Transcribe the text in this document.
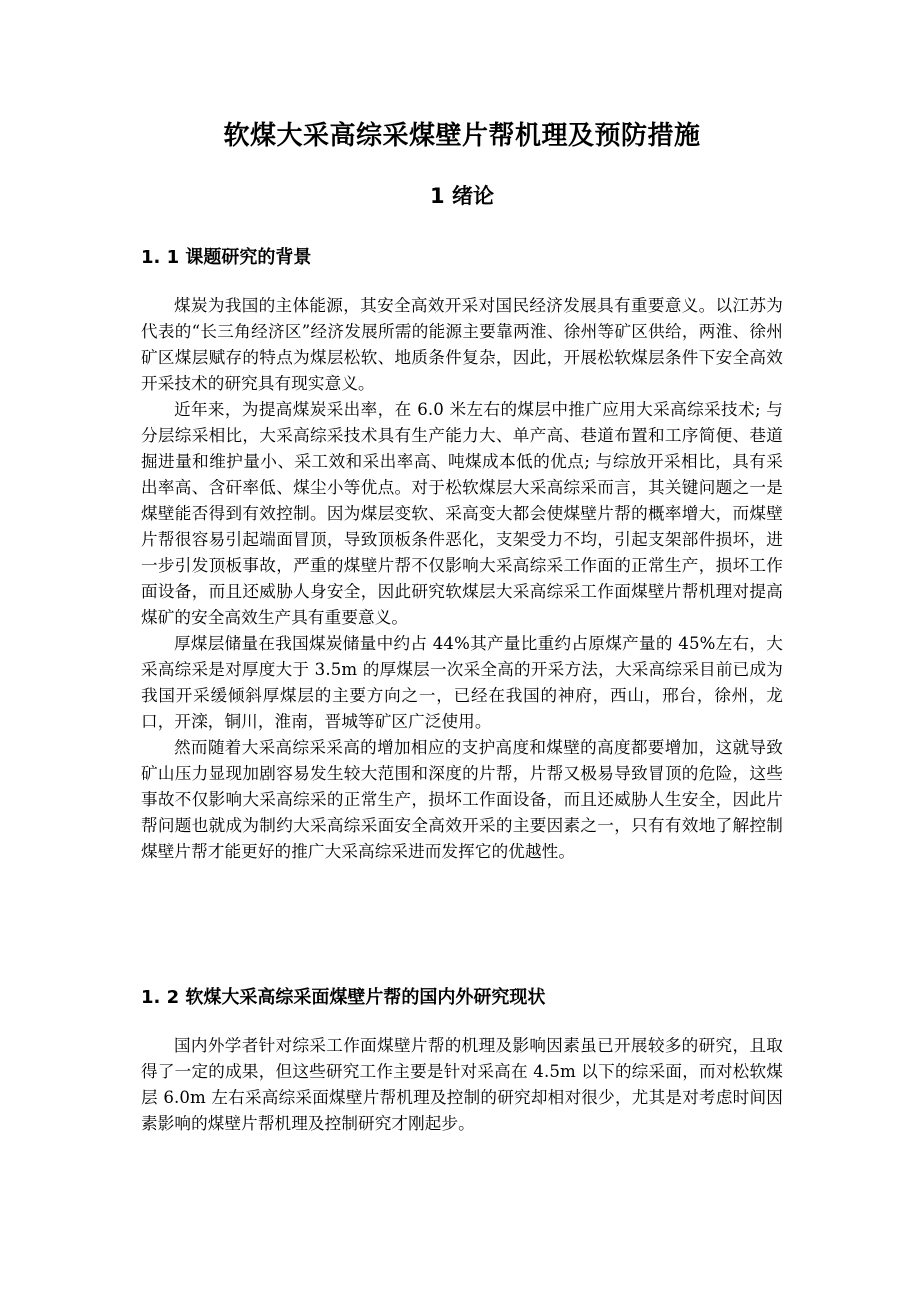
软煤大采高综采煤壁片帮机理及预防措施
1 绪论
1. 1 课题研究的背景

煤炭为我国的主体能源，其安全高效开采对国民经济发展具有重要意义。以江苏为代表的“长三角经济区”经济发展所需的能源主要靠两淮、徐州等矿区供给，两淮、徐州矿区煤层赋存的特点为煤层松软、地质条件复杂，因此，开展松软煤层条件下安全高效开采技术的研究具有现实意义。

近年来，为提高煤炭采出率，在 6.0 米左右的煤层中推广应用大采高综采技术; 与分层综采相比，大采高综采技术具有生产能力大、单产高、巷道布置和工序简便、巷道掘进量和维护量小、采工效和采出率高、吨煤成本低的优点; 与综放开采相比，具有采出率高、含矸率低、煤尘小等优点。对于松软煤层大采高综采而言，其关键问题之一是煤壁能否得到有效控制。因为煤层变软、采高变大都会使煤壁片帮的概率增大，而煤壁片帮很容易引起端面冒顶，导致顶板条件恶化，支架受力不均，引起支架部件损坏，进一步引发顶板事故，严重的煤壁片帮不仅影响大采高综采工作面的正常生产，损坏工作面设备，而且还威胁人身安全，因此研究软煤层大采高综采工作面煤壁片帮机理对提高煤矿的安全高效生产具有重要意义。

厚煤层储量在我国煤炭储量中约占 44%其产量比重约占原煤产量的 45%左右，大采高综采是对厚度大于 3.5m 的厚煤层一次采全高的开采方法，大采高综采目前已成为我国开采缓倾斜厚煤层的主要方向之一，已经在我国的神府，西山，邢台，徐州，龙口，开滦，铜川，淮南，晋城等矿区广泛使用。

然而随着大采高综采采高的增加相应的支护高度和煤壁的高度都要增加，这就导致矿山压力显现加剧容易发生较大范围和深度的片帮，片帮又极易导致冒顶的危险，这些事故不仅影响大采高综采的正常生产，损坏工作面设备，而且还威胁人生安全，因此片帮问题也就成为制约大采高综采面安全高效开采的主要因素之一，只有有效地了解控制煤壁片帮才能更好的推广大采高综采进而发挥它的优越性。

1. 2 软煤大采高综采面煤壁片帮的国内外研究现状

国内外学者针对综采工作面煤壁片帮的机理及影响因素虽已开展较多的研究，且取得了一定的成果，但这些研究工作主要是针对采高在 4.5m 以下的综采面，而对松软煤层 6.0m 左右采高综采面煤壁片帮机理及控制的研究却相对很少，尤其是对考虑时间因素影响的煤壁片帮机理及控制研究才刚起步。
